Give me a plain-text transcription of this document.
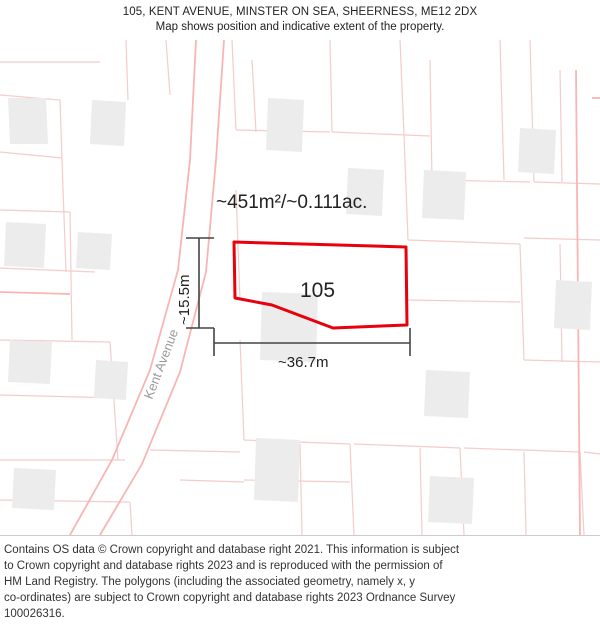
105, KENT AVENUE, MINSTER ON SEA, SHEERNESS, ME12 2DX
Map shows position and indicative extent of the property.
Kent Avenue
~451m²/~0.111ac.
105
~36.7m
~15.5m

Contains OS data © Crown copyright and database right 2021. This information is subject

to Crown copyright and database rights 2023 and is reproduced with the permission of

HM Land Registry. The polygons (including the associated geometry, namely x, y

co-ordinates) are subject to Crown copyright and database rights 2023 Ordnance Survey

100026316.
